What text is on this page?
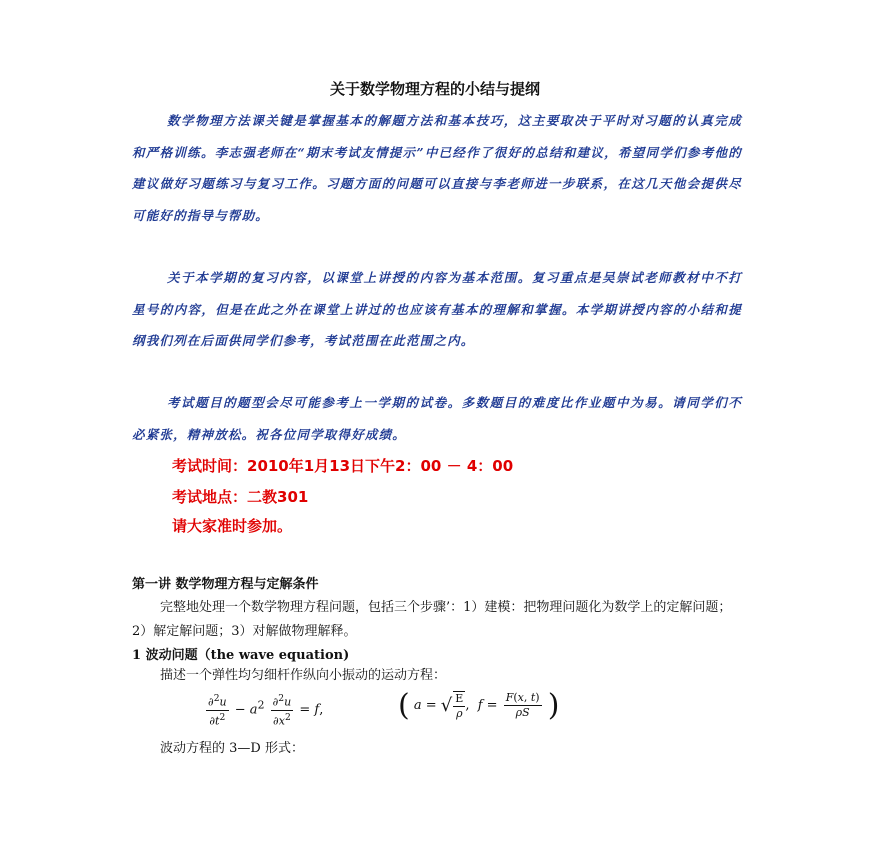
关于数学物理方程的小结与提纲

数学物理方法课关键是掌握基本的解题方法和基本技巧，这主要取决于平时对习题的认真完成和严格训练。李志强老师在“期末考试友情提示”中已经作了很好的总结和建议，希望同学们参考他的建议做好习题练习与复习工作。习题方面的问题可以直接与李老师进一步联系，在这几天他会提供尽可能好的指导与帮助。

关于本学期的复习内容，以课堂上讲授的内容为基本范围。复习重点是吴崇试老师教材中不打星号的内容，但是在此之外在课堂上讲过的也应该有基本的理解和掌握。本学期讲授内容的小结和提纲我们列在后面供同学们参考，考试范围在此范围之内。

考试题目的题型会尽可能参考上一学期的试卷。多数题目的难度比作业题中为易。请同学们不必紧张，精神放松。祝各位同学取得好成绩。

考试时间：2010年1月13日下午2：00 － 4：00
考试地点：二教301
请大家准时参加。
第一讲 数学物理方程与定解条件
完整地处理一个数学物理方程问题，包括三个步骤’：1）建模：把物理问题化为数学上的定解问题；2）解定解问题；3）对解做物理解释。
1 波动问题（the wave equation)
描述一个弹性均匀细杆作纵向小振动的运动方程：
$\frac{\partial^2u}{\partial t^2} - a^2 \frac{\partial^2u}{\partial x^2} = f$, ( a = √ $\frac{E}{\rho}$ ,  $f = \frac{F(x, t)}{\rho S}$ )
波动方程的 3—D 形式：
